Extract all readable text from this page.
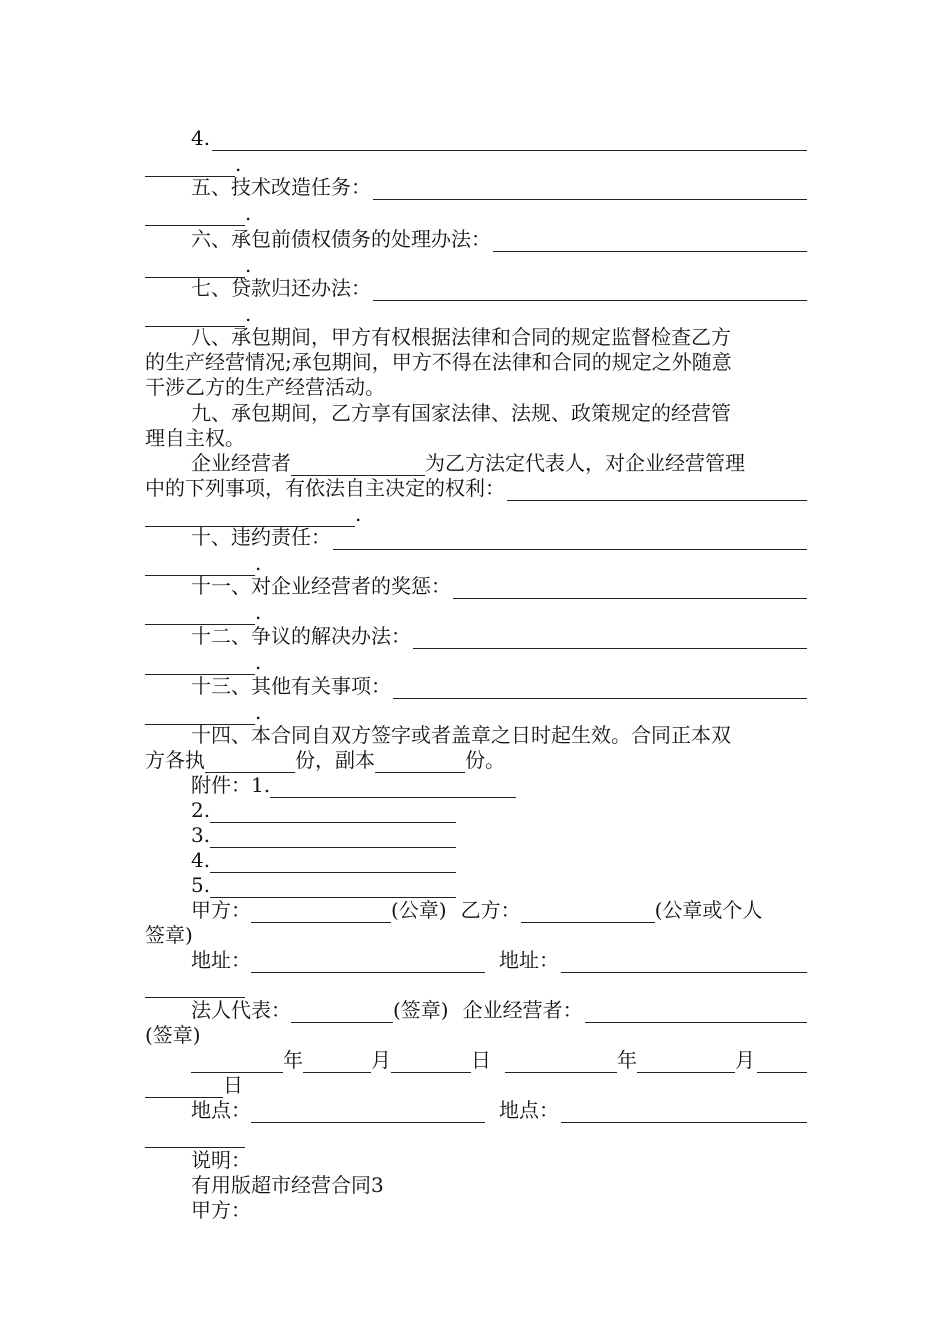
4.
.
五、技术改造任务：
.
六、承包前债权债务的处理办法：
.
七、贷款归还办法：
.
八、承包期间，甲方有权根据法律和合同的规定监督检查乙方
的生产经营情况;承包期间，甲方不得在法律和合同的规定之外随意
干涉乙方的生产经营活动。
九、承包期间，乙方享有国家法律、法规、政策规定的经营管
理自主权。
企业经营者	为乙方法定代表人，对企业经营管理
中的下列事项，有依法自主决定的权利：
.
十、违约责任：
.
十一、对企业经营者的奖惩：
.
十二、争议的解决办法：
.
十三、其他有关事项：
.
十四、本合同自双方签字或者盖章之日时起生效。合同正本双
方各执	份，副本	份。
附件：1.
2.
3.
4.
5.
甲方：	(公章) 乙方：	(公章或个人
签章)
地址：	地址：
法人代表：	(签章) 企业经营者：
(签章)
年	月	日	年	月
日
地点：	地点：
说明：
有用版超市经营合同3
甲方：
